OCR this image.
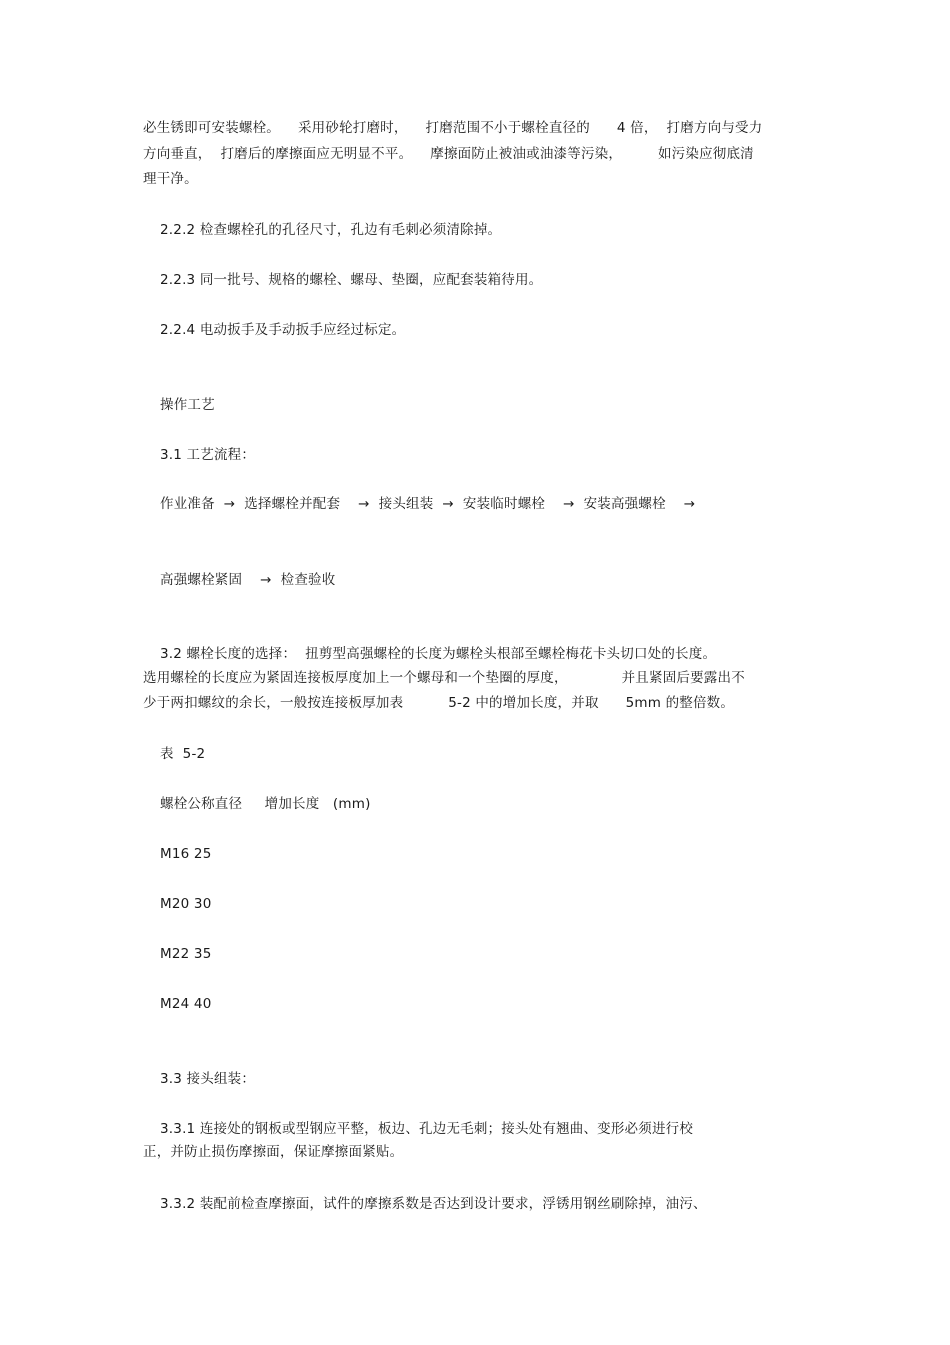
必生锈即可安装螺栓。    采用砂轮打磨时，    打磨范围不小于螺栓直径的      4 倍，  打磨方向与受力
方向垂直，  打磨后的摩擦面应无明显不平。    摩擦面防止被油或油漆等污染，        如污染应彻底清
理干净。
2.2.2 检查螺栓孔的孔径尺寸，孔边有毛刺必须清除掉。
2.2.3 同一批号、规格的螺栓、螺母、垫圈，应配套装箱待用。
2.2.4 电动扳手及手动扳手应经过标定。
操作工艺
3.1 工艺流程：
作业准备  →  选择螺栓并配套    →  接头组装  →  安装临时螺栓    →  安装高强螺栓    →
高强螺栓紧固    →  检查验收
3.2 螺栓长度的选择：  扭剪型高强螺栓的长度为螺栓头根部至螺栓梅花卡头切口处的长度。
选用螺栓的长度应为紧固连接板厚度加上一个螺母和一个垫圈的厚度，            并且紧固后要露出不
少于两扣螺纹的余长，一般按连接板厚加表          5-2 中的增加长度，并取      5mm 的整倍数。
表  5-2
螺栓公称直径     增加长度   (mm)
M16 25
M20 30
M22 35
M24 40
3.3 接头组装：
3.3.1 连接处的钢板或型钢应平整，板边、孔边无毛刺；接头处有翘曲、变形必须进行校
正，并防止损伤摩擦面，保证摩擦面紧贴。
3.3.2 装配前检查摩擦面，试件的摩擦系数是否达到设计要求，浮锈用钢丝刷除掉，油污、
